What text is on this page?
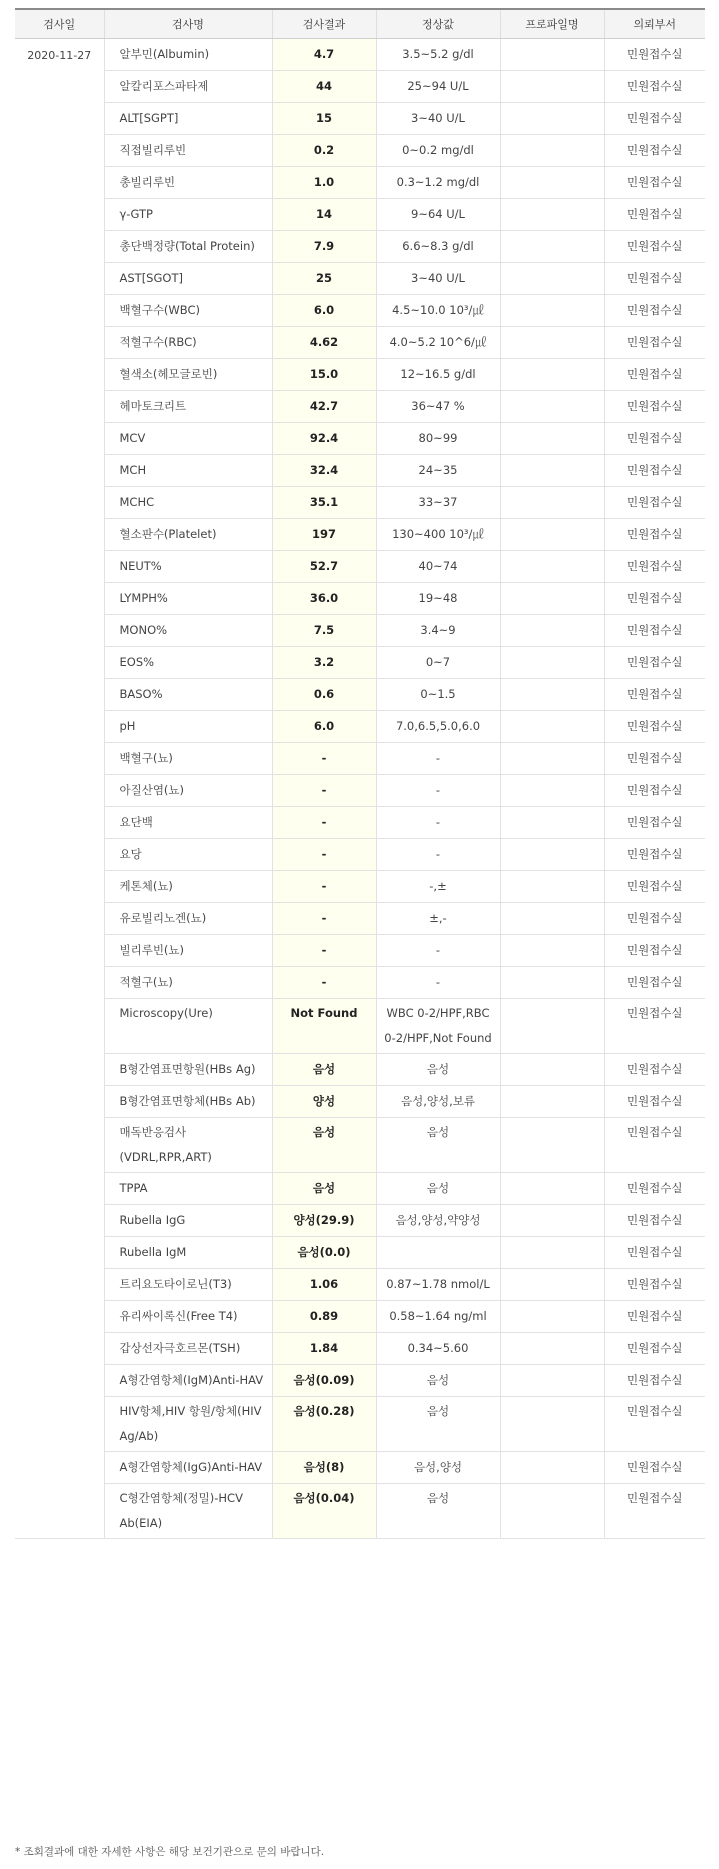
검사일	검사명	검사결과	정상값	프로파일명	의뢰부서
2020-11-27	알부민(Albumin)	4.7	3.5~5.2 g/dl		민원접수실
	알칼리포스파타제	44	25~94 U/L		민원접수실
	ALT[SGPT]	15	3~40 U/L		민원접수실
	직접빌리루빈	0.2	0~0.2 mg/dl		민원접수실
	총빌리루빈	1.0	0.3~1.2 mg/dl		민원접수실
	γ-GTP	14	9~64 U/L		민원접수실
	총단백정량(Total Protein)	7.9	6.6~8.3 g/dl		민원접수실
	AST[SGOT]	25	3~40 U/L		민원접수실
	백혈구수(WBC)	6.0	4.5~10.0 10³/㎕		민원접수실
	적혈구수(RBC)	4.62	4.0~5.2 10^6/㎕		민원접수실
	혈색소(헤모글로빈)	15.0	12~16.5 g/dl		민원접수실
	헤마토크리트	42.7	36~47 %		민원접수실
	MCV	92.4	80~99		민원접수실
	MCH	32.4	24~35		민원접수실
	MCHC	35.1	33~37		민원접수실
	혈소판수(Platelet)	197	130~400 10³/㎕		민원접수실
	NEUT%	52.7	40~74		민원접수실
	LYMPH%	36.0	19~48		민원접수실
	MONO%	7.5	3.4~9		민원접수실
	EOS%	3.2	0~7		민원접수실
	BASO%	0.6	0~1.5		민원접수실
	pH	6.0	7.0,6.5,5.0,6.0		민원접수실
	백혈구(뇨)	-	-		민원접수실
	아질산염(뇨)	-	-		민원접수실
	요단백	-	-		민원접수실
	요당	-	-		민원접수실
	케톤체(뇨)	-	-,±		민원접수실
	유로빌리노겐(뇨)	-	±,-		민원접수실
	빌리루빈(뇨)	-	-		민원접수실
	적혈구(뇨)	-	-		민원접수실
	Microscopy(Ure)	Not Found	WBC 0-2/HPF,RBC 0-2/HPF,Not Found		민원접수실
	B형간염표면항원(HBs Ag)	음성	음성		민원접수실
	B형간염표면항체(HBs Ab)	양성	음성,양성,보류		민원접수실
	매독반응검사(VDRL,RPR,ART)	음성	음성		민원접수실
	TPPA	음성	음성		민원접수실
	Rubella IgG	양성(29.9)	음성,양성,약양성		민원접수실
	Rubella IgM	음성(0.0)			민원접수실
	트리요도타이로닌(T3)	1.06	0.87~1.78 nmol/L		민원접수실
	유리싸이록신(Free T4)	0.89	0.58~1.64 ng/ml		민원접수실
	갑상선자극호르몬(TSH)	1.84	0.34~5.60		민원접수실
	A형간염항체(IgM)Anti-HAV	음성(0.09)	음성		민원접수실
	HIV항체,HIV 항원/항체(HIV Ag/Ab)	음성(0.28)	음성		민원접수실
	A형간염항체(IgG)Anti-HAV	음성(8)	음성,양성		민원접수실
	C형간염항체(정밀)-HCV Ab(EIA)	음성(0.04)	음성		민원접수실
* 조회결과에 대한 자세한 사항은 해당 보건기관으로 문의 바랍니다.
